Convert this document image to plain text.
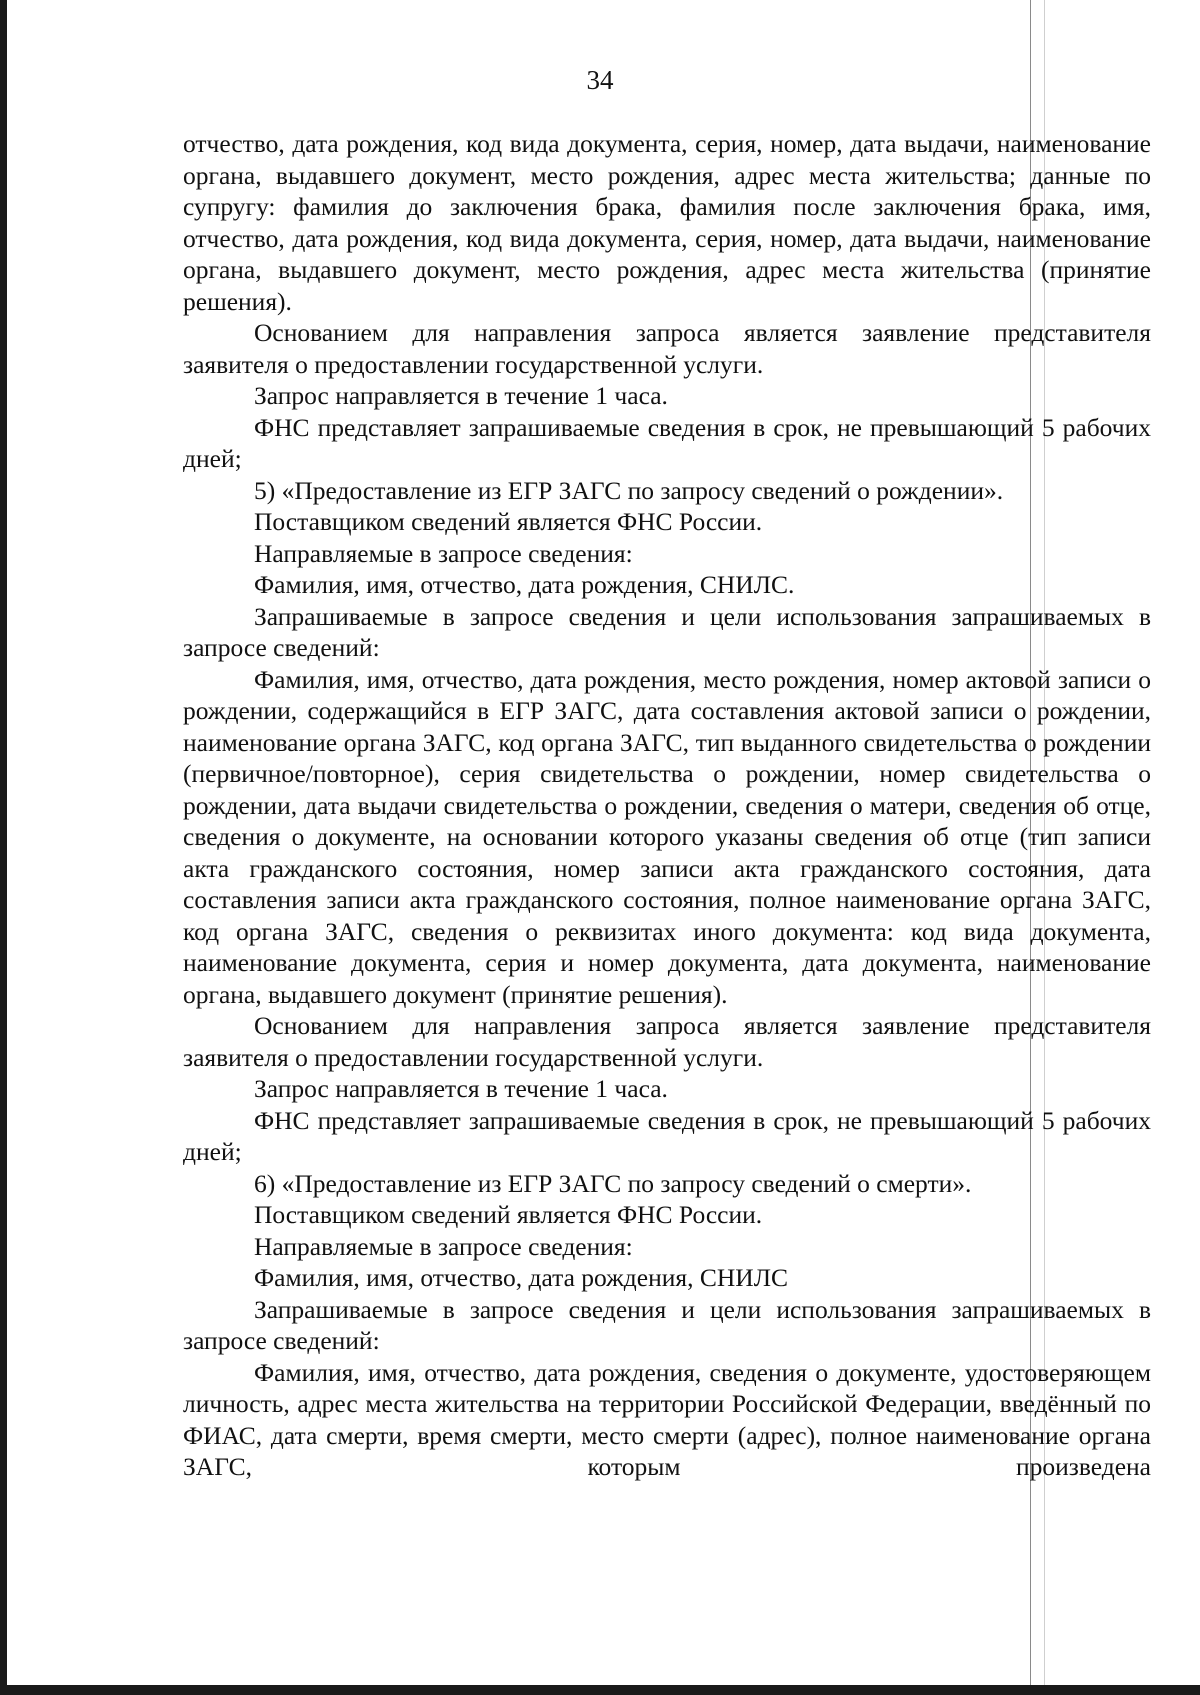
34

отчество, дата рождения, код вида документа, серия, номер, дата выдачи, наименование органа, выдавшего документ, место рождения, адрес места жительства; данные по супругу: фамилия до заключения брака, фамилия после заключения брака, имя, отчество, дата рождения, код вида документа, серия, номер, дата выдачи, наименование органа, выдавшего документ, место рождения, адрес места жительства (принятие решения).

Основанием для направления запроса является заявление представителя заявителя о предоставлении государственной услуги.

Запрос направляется в течение 1 часа.

ФНС представляет запрашиваемые сведения в срок, не превышающий 5 рабочих дней;

5) «Предоставление из ЕГР ЗАГС по запросу сведений о рождении».

Поставщиком сведений является ФНС России.

Направляемые в запросе сведения:

Фамилия, имя, отчество, дата рождения, СНИЛС.

Запрашиваемые в запросе сведения и цели использования запрашиваемых в запросе сведений:

Фамилия, имя, отчество, дата рождения, место рождения, номер актовой записи о рождении, содержащийся в ЕГР ЗАГС, дата составления актовой записи о рождении, наименование органа ЗАГС, код органа ЗАГС, тип выданного свидетельства о рождении (первичное/повторное), серия свидетельства о рождении, номер свидетельства о рождении, дата выдачи свидетельства о рождении, сведения о матери, сведения об отце, сведения о документе, на основании которого указаны сведения об отце (тип записи акта гражданского состояния, номер записи акта гражданского состояния, дата составления записи акта гражданского состояния, полное наименование органа ЗАГС, код органа ЗАГС, сведения о реквизитах иного документа: код вида документа, наименование документа, серия и номер документа, дата документа, наименование органа, выдавшего документ (принятие решения).

Основанием для направления запроса является заявление представителя заявителя о предоставлении государственной услуги.

Запрос направляется в течение 1 часа.

ФНС представляет запрашиваемые сведения в срок, не превышающий 5 рабочих дней;

6) «Предоставление из ЕГР ЗАГС по запросу сведений о смерти».

Поставщиком сведений является ФНС России.

Направляемые в запросе сведения:

Фамилия, имя, отчество, дата рождения, СНИЛС

Запрашиваемые в запросе сведения и цели использования запрашиваемых в запросе сведений:

Фамилия, имя, отчество, дата рождения, сведения о документе, удостоверяющем личность, адрес места жительства на территории Российской Федерации, введённый по ФИАС, дата смерти, время смерти, место смерти (адрес), полное наименование органа ЗАГС, которым произведена
